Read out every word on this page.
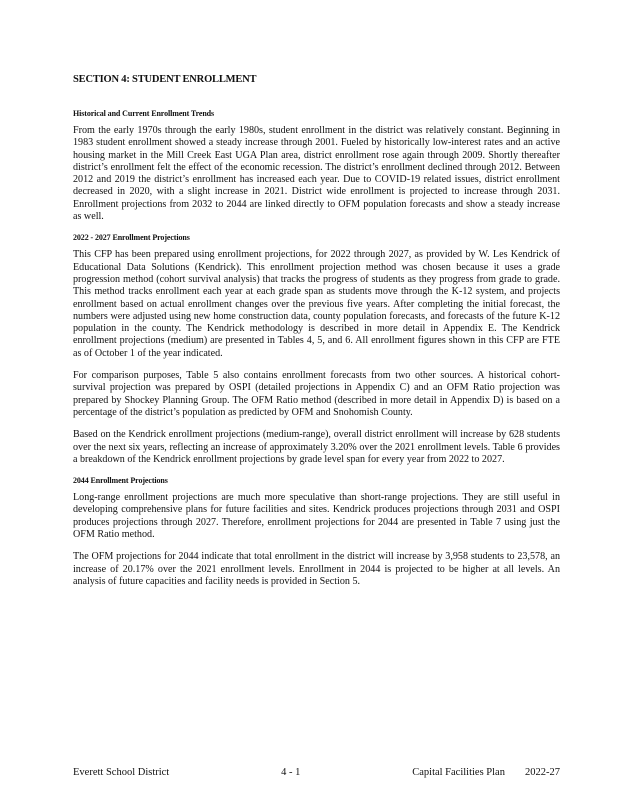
SECTION 4: STUDENT ENROLLMENT
Historical and Current Enrollment Trends

From the early 1970s through the early 1980s, student enrollment in the district was relatively constant. Beginning in 1983 student enrollment showed a steady increase through 2001. Fueled by historically low-interest rates and an active housing market in the Mill Creek East UGA Plan area, district enrollment rose again through 2009. Shortly thereafter district’s enrollment felt the effect of the economic recession. The district’s enrollment declined through 2012. Between 2012 and 2019 the district’s enrollment has increased each year. Due to COVID-19 related issues, district enrollment decreased in 2020, with a slight increase in 2021. District wide enrollment is projected to increase through 2031. Enrollment projections from 2032 to 2044 are linked directly to OFM population forecasts and show a steady increase as well.

2022 - 2027 Enrollment Projections

This CFP has been prepared using enrollment projections, for 2022 through 2027, as provided by W. Les Kendrick of Educational Data Solutions (Kendrick). This enrollment projection method was chosen because it uses a grade progression method (cohort survival analysis) that tracks the progress of students as they progress from grade to grade. This method tracks enrollment each year at each grade span as students move through the K-12 system, and projects enrollment based on actual enrollment changes over the previous five years. After completing the initial forecast, the numbers were adjusted using new home construction data, county population forecasts, and forecasts of the future K-12 population in the county. The Kendrick methodology is described in more detail in Appendix E. The Kendrick enrollment projections (medium) are presented in Tables 4, 5, and 6. All enrollment figures shown in this CFP are FTE as of October 1 of the year indicated.

For comparison purposes, Table 5 also contains enrollment forecasts from two other sources. A historical cohort-survival projection was prepared by OSPI (detailed projections in Appendix C) and an OFM Ratio projection was prepared by Shockey Planning Group. The OFM Ratio method (described in more detail in Appendix D) is based on a percentage of the district’s population as predicted by OFM and Snohomish County.

Based on the Kendrick enrollment projections (medium-range), overall district enrollment will increase by 628 students over the next six years, reflecting an increase of approximately 3.20% over the 2021 enrollment levels. Table 6 provides a breakdown of the Kendrick enrollment projections by grade level span for every year from 2022 to 2027.

2044 Enrollment Projections

Long-range enrollment projections are much more speculative than short-range projections. They are still useful in developing comprehensive plans for future facilities and sites. Kendrick produces projections through 2031 and OSPI produces projections through 2027. Therefore, enrollment projections for 2044 are presented in Table 7 using just the OFM Ratio method.

The OFM projections for 2044 indicate that total enrollment in the district will increase by 3,958 students to 23,578, an increase of 20.17% over the 2021 enrollment levels. Enrollment in 2044 is projected to be higher at all levels. An analysis of future capacities and facility needs is provided in Section 5.

Everett School District	4 - 1	Capital Facilities Plan 2022-27
